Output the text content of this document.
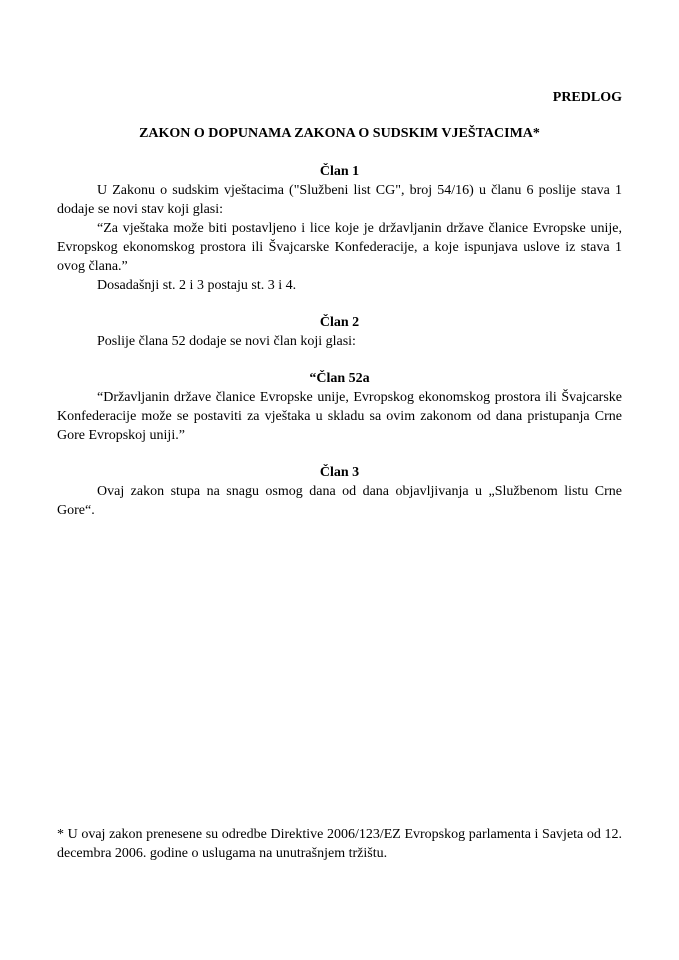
PREDLOG
ZAKON O DOPUNAMA ZAKONA O SUDSKIM VJEŠTACIMA*
Član 1
U Zakonu o sudskim vještacima ("Službeni list CG", broj 54/16) u članu 6 poslije stava 1 dodaje se novi stav koji glasi:
“Za vještaka može biti postavljeno i lice koje je državljanin države članice Evropske unije, Evropskog ekonomskog prostora ili Švajcarske Konfederacije, a koje ispunjava uslove iz stava 1 ovog člana.”
Dosadašnji st. 2 i 3 postaju st. 3 i 4.
Član 2
Poslije člana 52 dodaje se novi član koji glasi:
“Član 52a
“Državljanin države članice Evropske unije, Evropskog ekonomskog prostora ili Švajcarske Konfederacije može se postaviti za vještaka u skladu sa ovim zakonom od dana pristupanja Crne Gore Evropskoj uniji.”
Član 3
Ovaj zakon stupa na snagu osmog dana od dana objavljivanja u „Službenom listu Crne Gore“.
* U ovaj zakon prenesene su odredbe Direktive 2006/123/EZ Evropskog parlamenta i Savjeta od 12. decembra 2006. godine o uslugama na unutrašnjem tržištu.
